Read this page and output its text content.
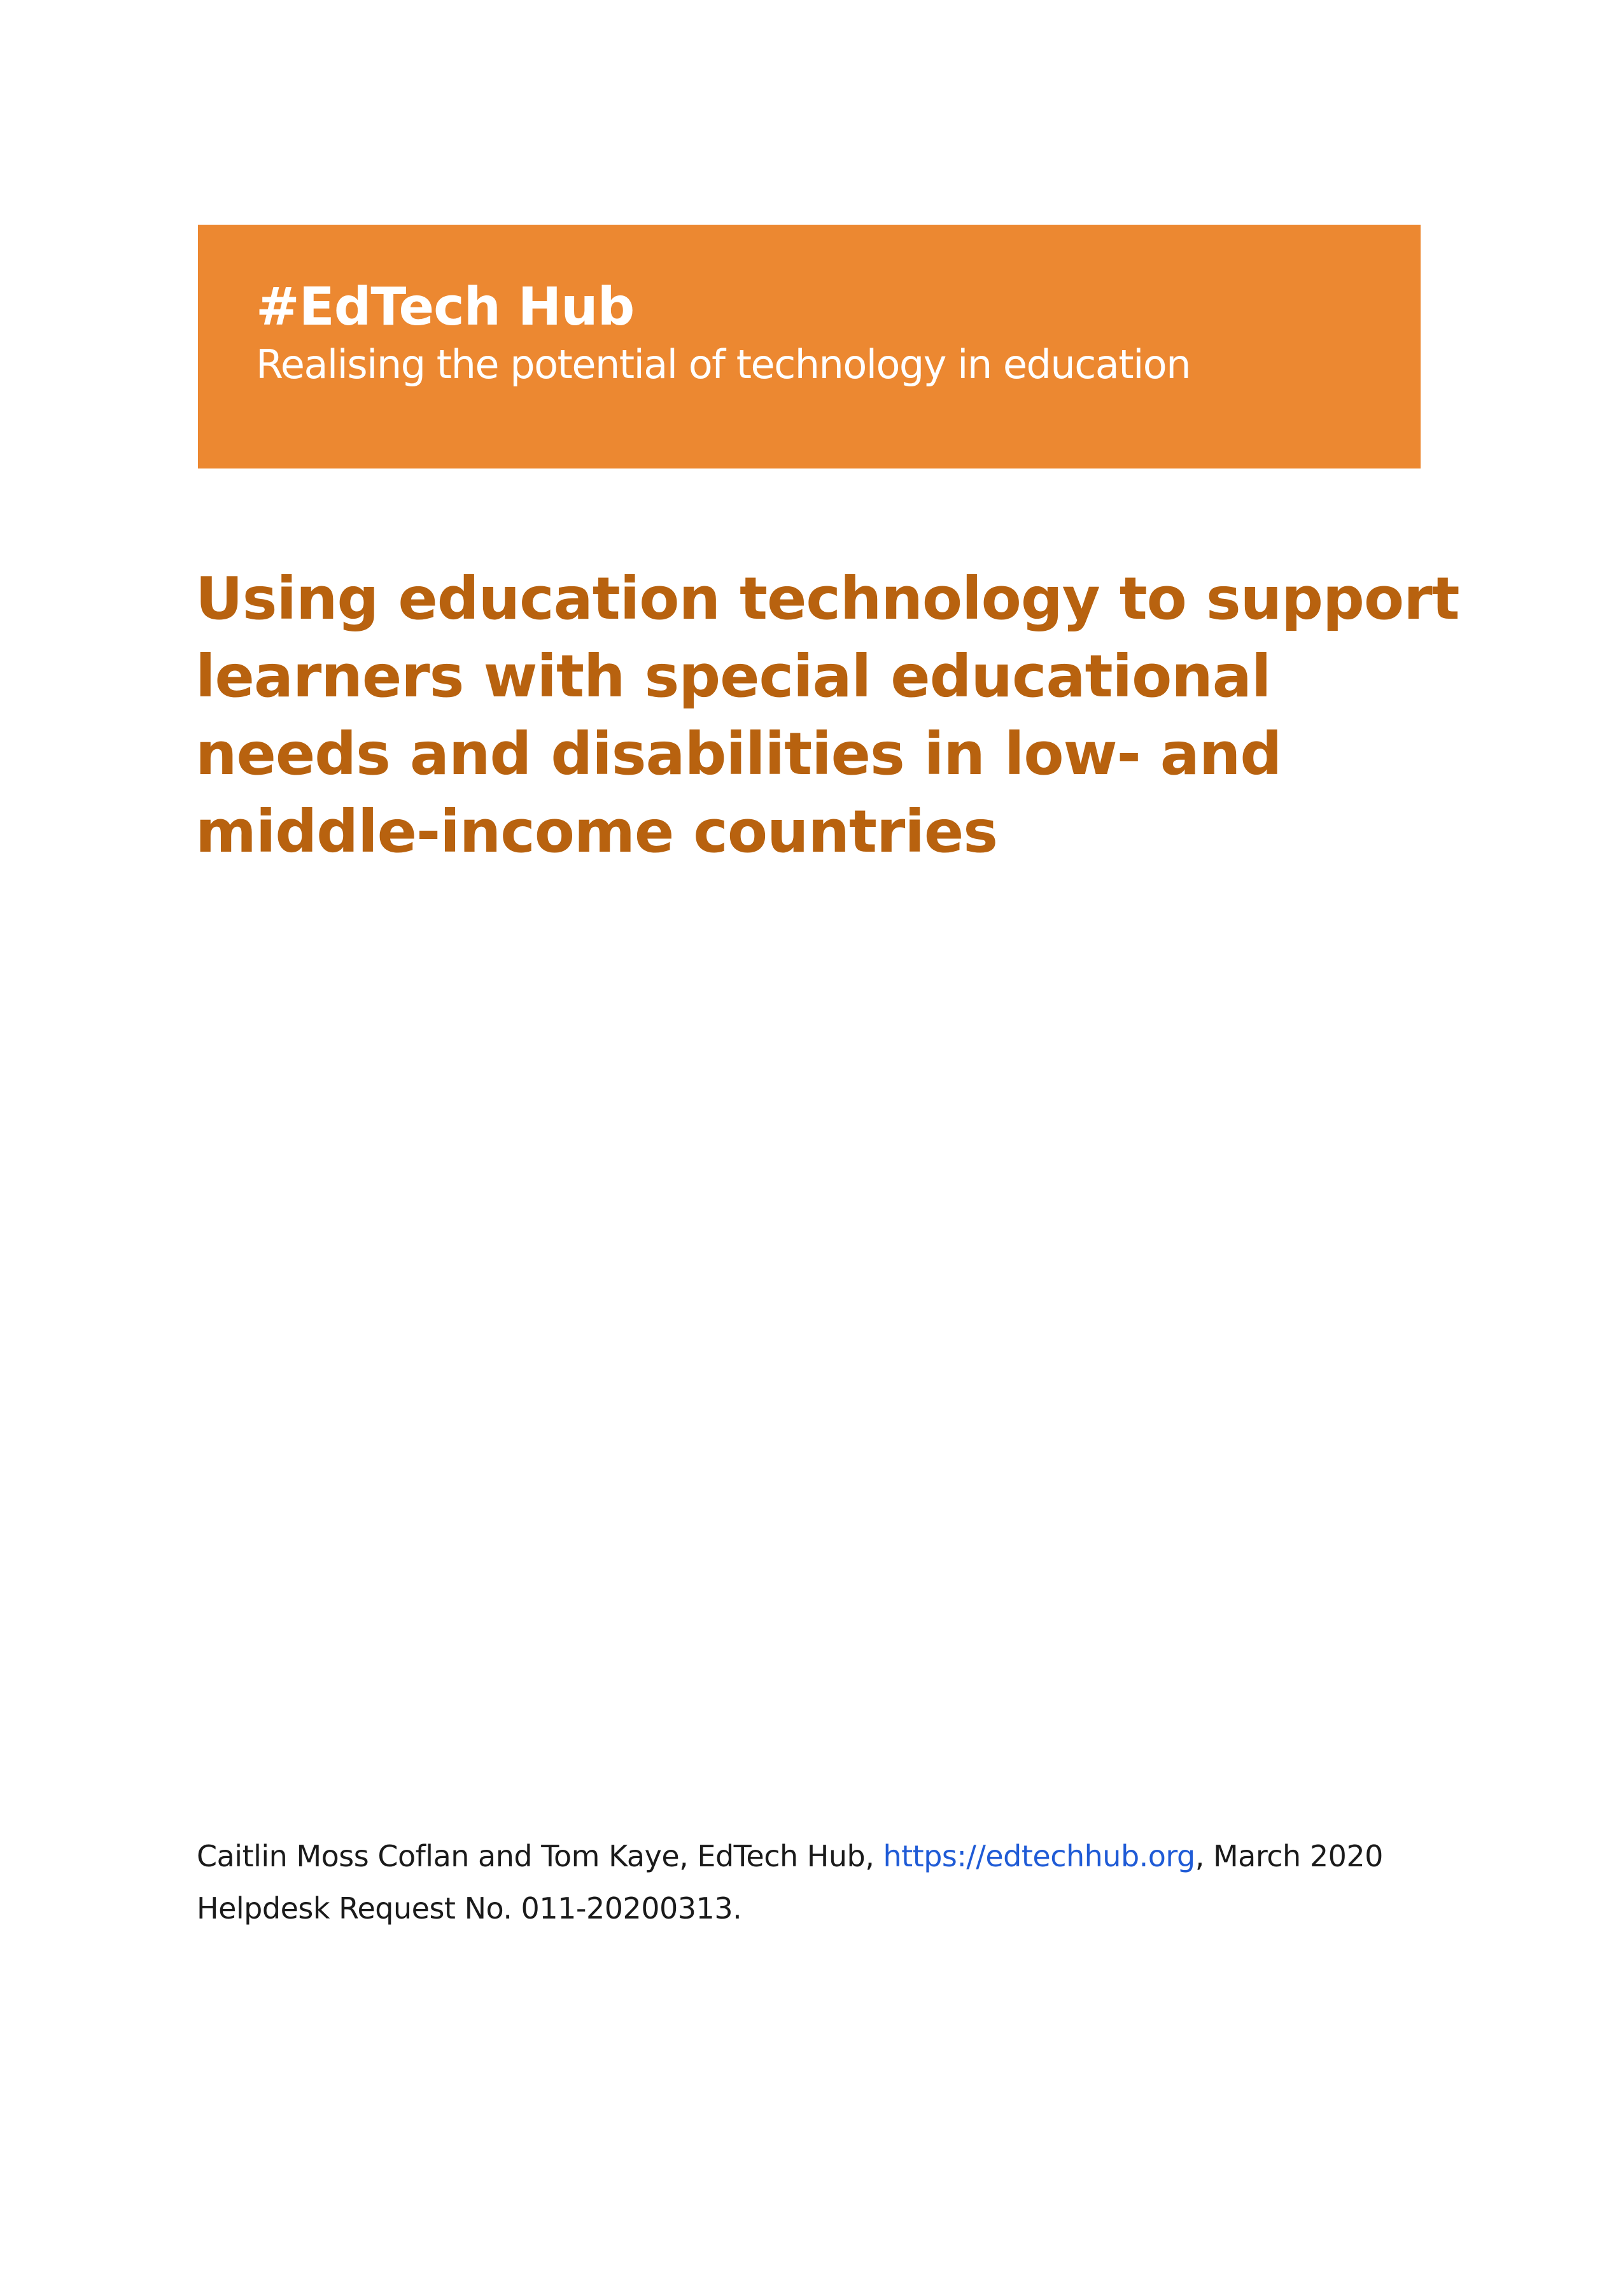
#EdTech Hub
Realising the potential of technology in education
Using education technology to support
learners with special educational
needs and disabilities in low- and
middle-income countries
Caitlin Moss Coflan and Tom Kaye, EdTech Hub, https://edtechhub.org, March 2020
Helpdesk Request No. 011-20200313.
